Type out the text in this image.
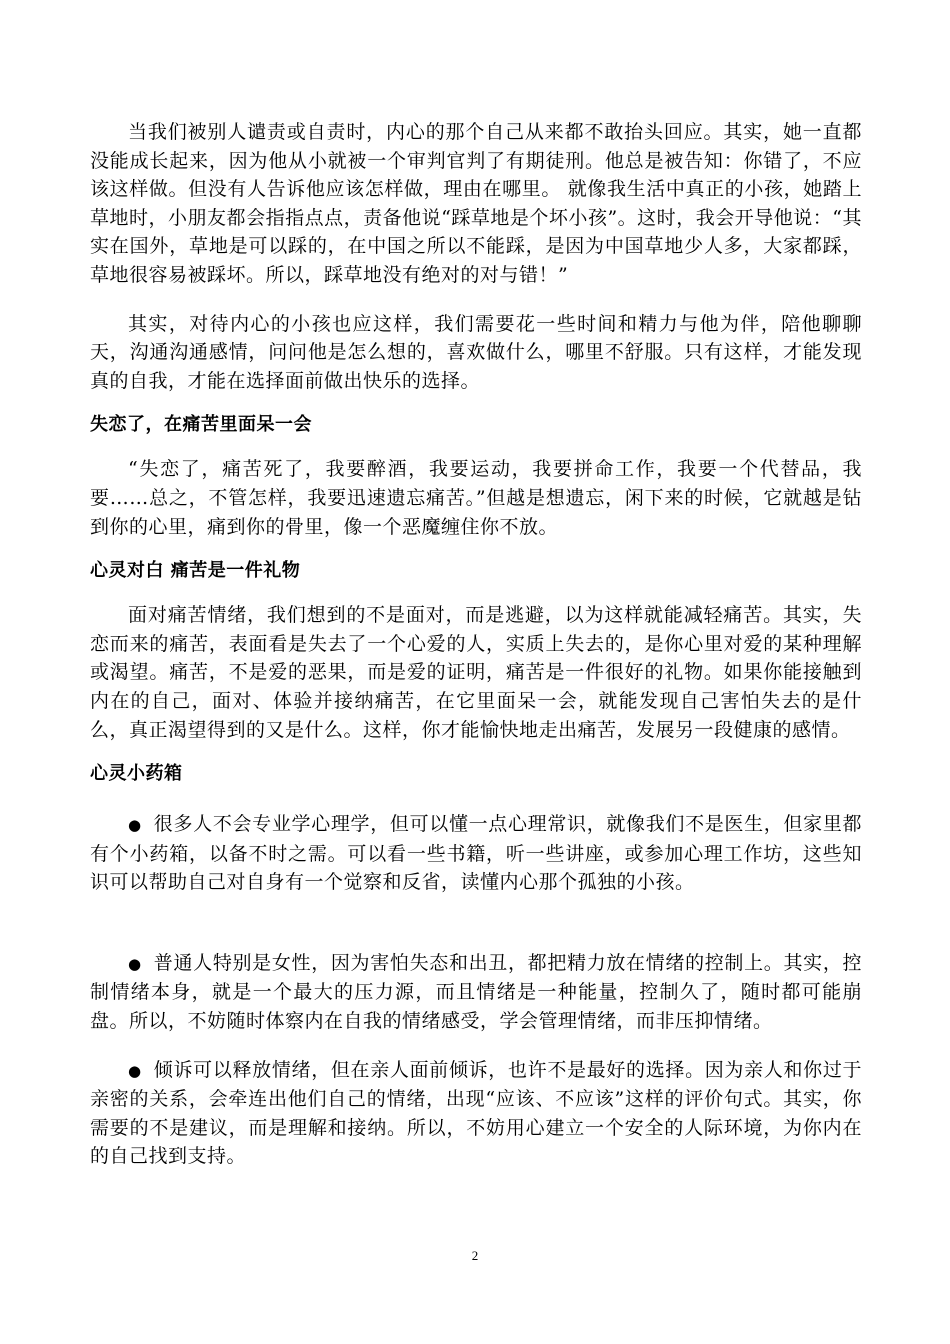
当我们被别人谴责或自责时，内心的那个自己从来都不敢抬头回应。其实，她一直都没能成长起来，因为他从小就被一个审判官判了有期徒刑。他总是被告知：你错了，不应该这样做。但没有人告诉他应该怎样做，理由在哪里。 就像我生活中真正的小孩，她踏上草地时，小朋友都会指指点点，责备他说“踩草地是个坏小孩”。这时，我会开导他说：“其实在国外，草地是可以踩的，在中国之所以不能踩，是因为中国草地少人多，大家都踩，草地很容易被踩坏。所以，踩草地没有绝对的对与错！”

其实，对待内心的小孩也应这样，我们需要花一些时间和精力与他为伴，陪他聊聊天，沟通沟通感情，问问他是怎么想的，喜欢做什么，哪里不舒服。只有这样，才能发现真的自我，才能在选择面前做出快乐的选择。

失恋了，在痛苦里面呆一会

“失恋了，痛苦死了，我要醉酒，我要运动，我要拼命工作，我要一个代替品，我要……总之，不管怎样，我要迅速遗忘痛苦。”但越是想遗忘，闲下来的时候，它就越是钻到你的心里，痛到你的骨里，像一个恶魔缠住你不放。

心灵对白 痛苦是一件礼物

面对痛苦情绪，我们想到的不是面对，而是逃避，以为这样就能减轻痛苦。其实，失恋而来的痛苦，表面看是失去了一个心爱的人，实质上失去的，是你心里对爱的某种理解或渴望。痛苦，不是爱的恶果，而是爱的证明，痛苦是一件很好的礼物。如果你能接触到内在的自己，面对、体验并接纳痛苦，在它里面呆一会，就能发现自己害怕失去的是什么，真正渴望得到的又是什么。这样，你才能愉快地走出痛苦，发展另一段健康的感情。

心灵小药箱

● 很多人不会专业学心理学，但可以懂一点心理常识，就像我们不是医生，但家里都有个小药箱，以备不时之需。可以看一些书籍，听一些讲座，或参加心理工作坊，这些知识可以帮助自己对自身有一个觉察和反省，读懂内心那个孤独的小孩。

● 普通人特别是女性，因为害怕失态和出丑，都把精力放在情绪的控制上。其实，控制情绪本身，就是一个最大的压力源，而且情绪是一种能量，控制久了，随时都可能崩盘。所以，不妨随时体察内在自我的情绪感受，学会管理情绪，而非压抑情绪。

● 倾诉可以释放情绪，但在亲人面前倾诉，也许不是最好的选择。因为亲人和你过于亲密的关系，会牵连出他们自己的情绪，出现“应该、不应该”这样的评价句式。其实，你需要的不是建议，而是理解和接纳。所以，不妨用心建立一个安全的人际环境，为你内在的自己找到支持。

2
